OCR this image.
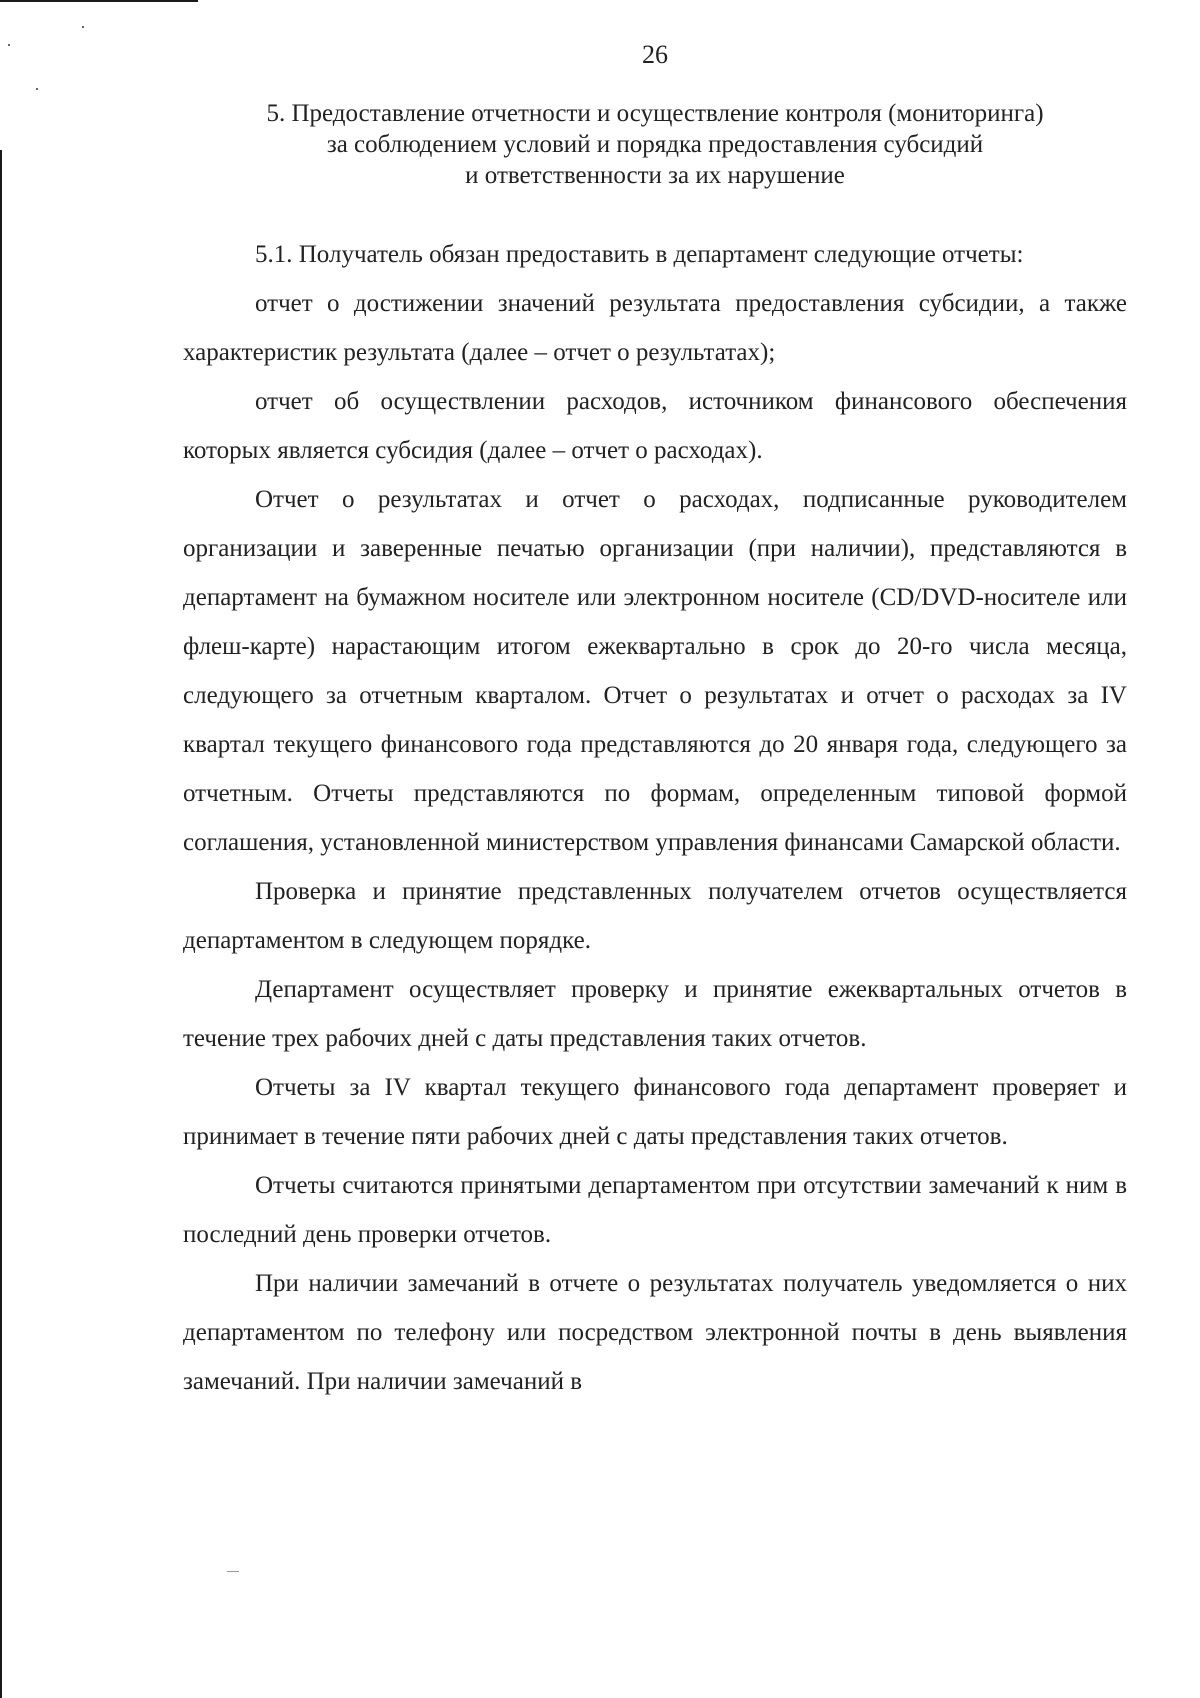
26
5. Предоставление отчетности и осуществление контроля (мониторинга)
за соблюдением условий и порядка предоставления субсидий
и ответственности за их нарушение

5.1. Получатель обязан предоставить в департамент следующие отчеты:

отчет о достижении значений результата предоставления субсидии, а также характеристик результата (далее – отчет о результатах);

отчет об осуществлении расходов, источником финансового обеспечения которых является субсидия (далее – отчет о расходах).

Отчет о результатах и отчет о расходах, подписанные руководителем организации и заверенные печатью организации (при наличии), представляются в департамент на бумажном носителе или электронном носителе (CD/DVD-носителе или флеш-карте) нарастающим итогом ежеквартально в срок до 20-го числа месяца, следующего за отчетным кварталом. Отчет о результатах и отчет о расходах за IV квартал текущего финансового года представляются до 20 января года, следующего за отчетным. Отчеты представляются по формам, определенным типовой формой соглашения, установленной министерством управления финансами Самарской области.

Проверка и принятие представленных получателем отчетов осуществляется департаментом в следующем порядке.

Департамент осуществляет проверку и принятие ежеквартальных отчетов в течение трех рабочих дней с даты представления таких отчетов.

Отчеты за IV квартал текущего финансового года департамент проверяет и принимает в течение пяти рабочих дней с даты представления таких отчетов.

Отчеты считаются принятыми департаментом при отсутствии замечаний к ним в последний день проверки отчетов.

При наличии замечаний в отчете о результатах получатель уведомляется о них департаментом по телефону или посредством электронной почты в день выявления замечаний. При наличии замечаний в
